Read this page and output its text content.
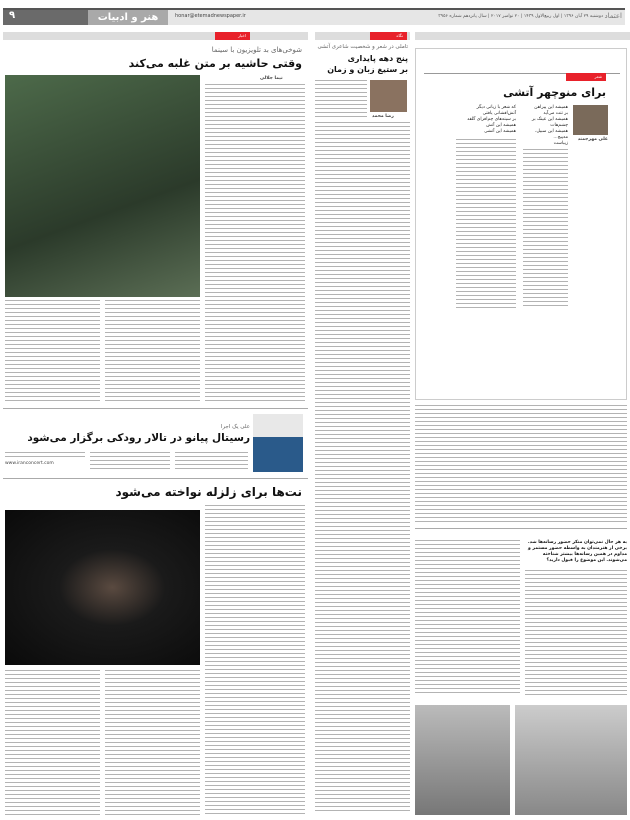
۹	هنر و ادبیات	honar@etemadnewspaper.ir	دوشنبه ۲۹ آبان ۱۳۹۶ | اول ربیع‌الاول ۱۴۳۹ | ۲۰ نوامبر ۲۰۱۷ | سال پانزدهم شماره ۳۹۵۶ اعتماد
اخبار	نگاه
شعر
برای منوچهر آتشی
علی مهرجمند
همیشه این پیراهن
بر تنت می‌آید
همیشه این عینک بر
چشم‌هات
همیشه این سبیل،
مه‌پیچ...
زیباست
که شعر با زبانی دیگر
آتش‌افشانی یافتی
بر سینه‌های چم‌افزای گلفد
همیشه این آتش
همیشه این آتشی
تاملی در شعر و شخصیت شاعری آتشی
پنج دهه پایداری
بر ستیغ زبان و زمان
رضا محمد
شوخی‌های بد تلویزیون با سینما
وقتی حاشیه بر متن غلبه می‌کند
نیما جلالی
علی یک اجرا
رسیتال پیانو در تالار رودکی برگزار می‌شود
www.iranconcert.com
نت‌ها برای زلزله نواخته می‌شود
به هر حال نمی‌توان منکر حضور رسانه‌ها شد. برخی از هنرمندان به واسطه حضور مستمر و مداوم در همین رسانه‌ها بیشتر شناخته می‌شوند. این موضوع را قبول دارید؟
